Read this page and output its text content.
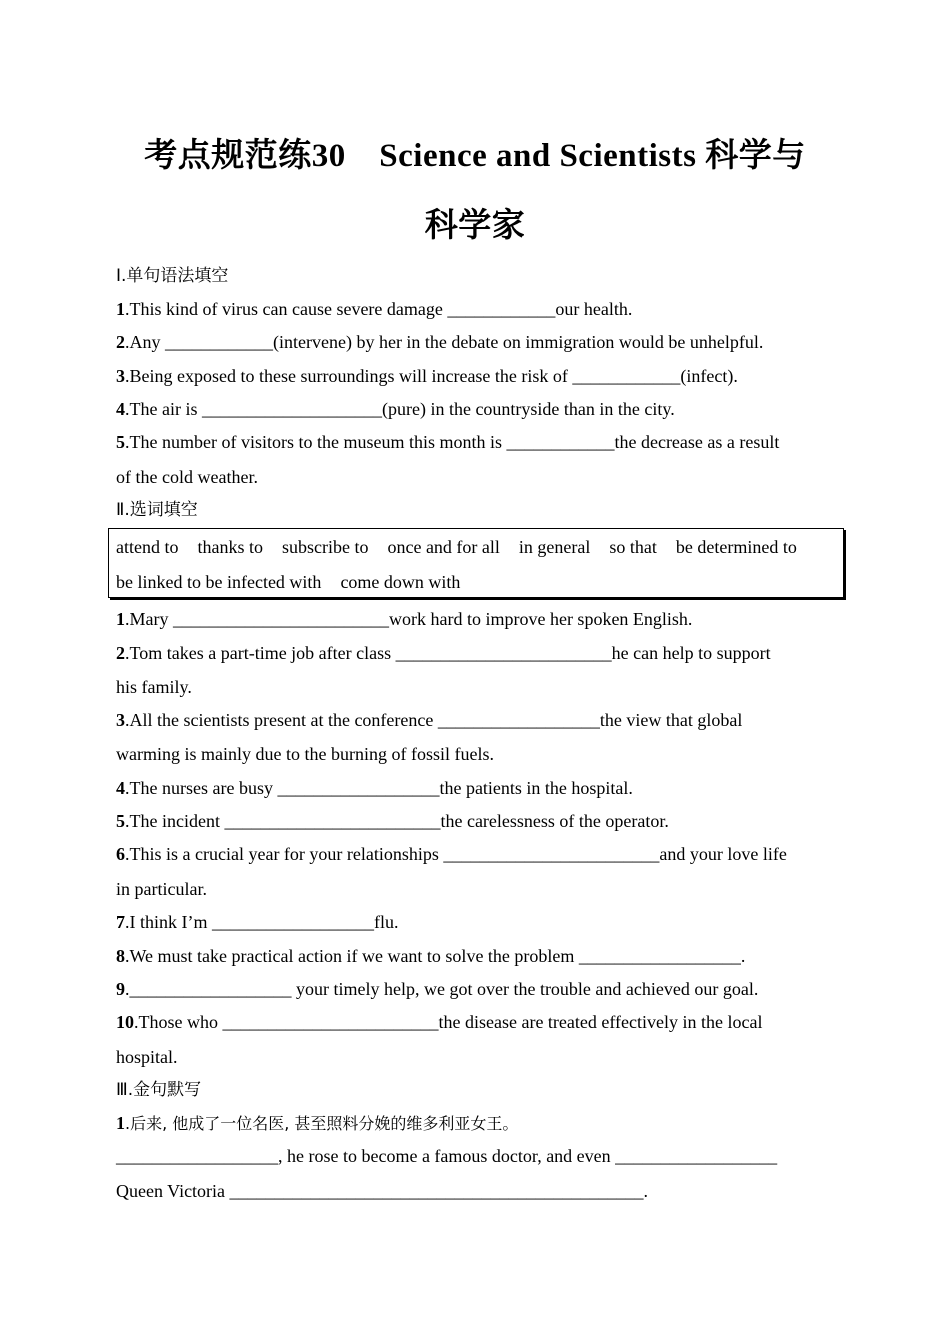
考点规范练30　Science and Scientists 科学与
科学家
Ⅰ.单句语法填空
1.This kind of virus can cause severe damage ____________our health.
2.Any ____________(intervene) by her in the debate on immigration would be unhelpful.
3.Being exposed to these surroundings will increase the risk of ____________(infect).
4.The air is ____________________(pure) in the countryside than in the city.
5.The number of visitors to the museum this month is ____________the decrease as a result
of the cold weather.
Ⅱ.选词填空
attend to thanks to subscribe to once and for all in general so that be determined to
be linked to be infected with come down with
1.Mary ________________________work hard to improve her spoken English.
2.Tom takes a part-time job after class ________________________he can help to support
his family.
3.All the scientists present at the conference __________________the view that global
warming is mainly due to the burning of fossil fuels.
4.The nurses are busy __________________the patients in the hospital.
5.The incident ________________________the carelessness of the operator.
6.This is a crucial year for your relationships ________________________and your love life
in particular.
7.I think I’m __________________flu.
8.We must take practical action if we want to solve the problem __________________.
9.__________________ your timely help, we got over the trouble and achieved our goal.
10.Those who ________________________the disease are treated effectively in the local
hospital.
Ⅲ.金句默写
1.后来, 他成了一位名医, 甚至照料分娩的维多利亚女王。
__________________, he rose to become a famous doctor, and even __________________
Queen Victoria ______________________________________________.
